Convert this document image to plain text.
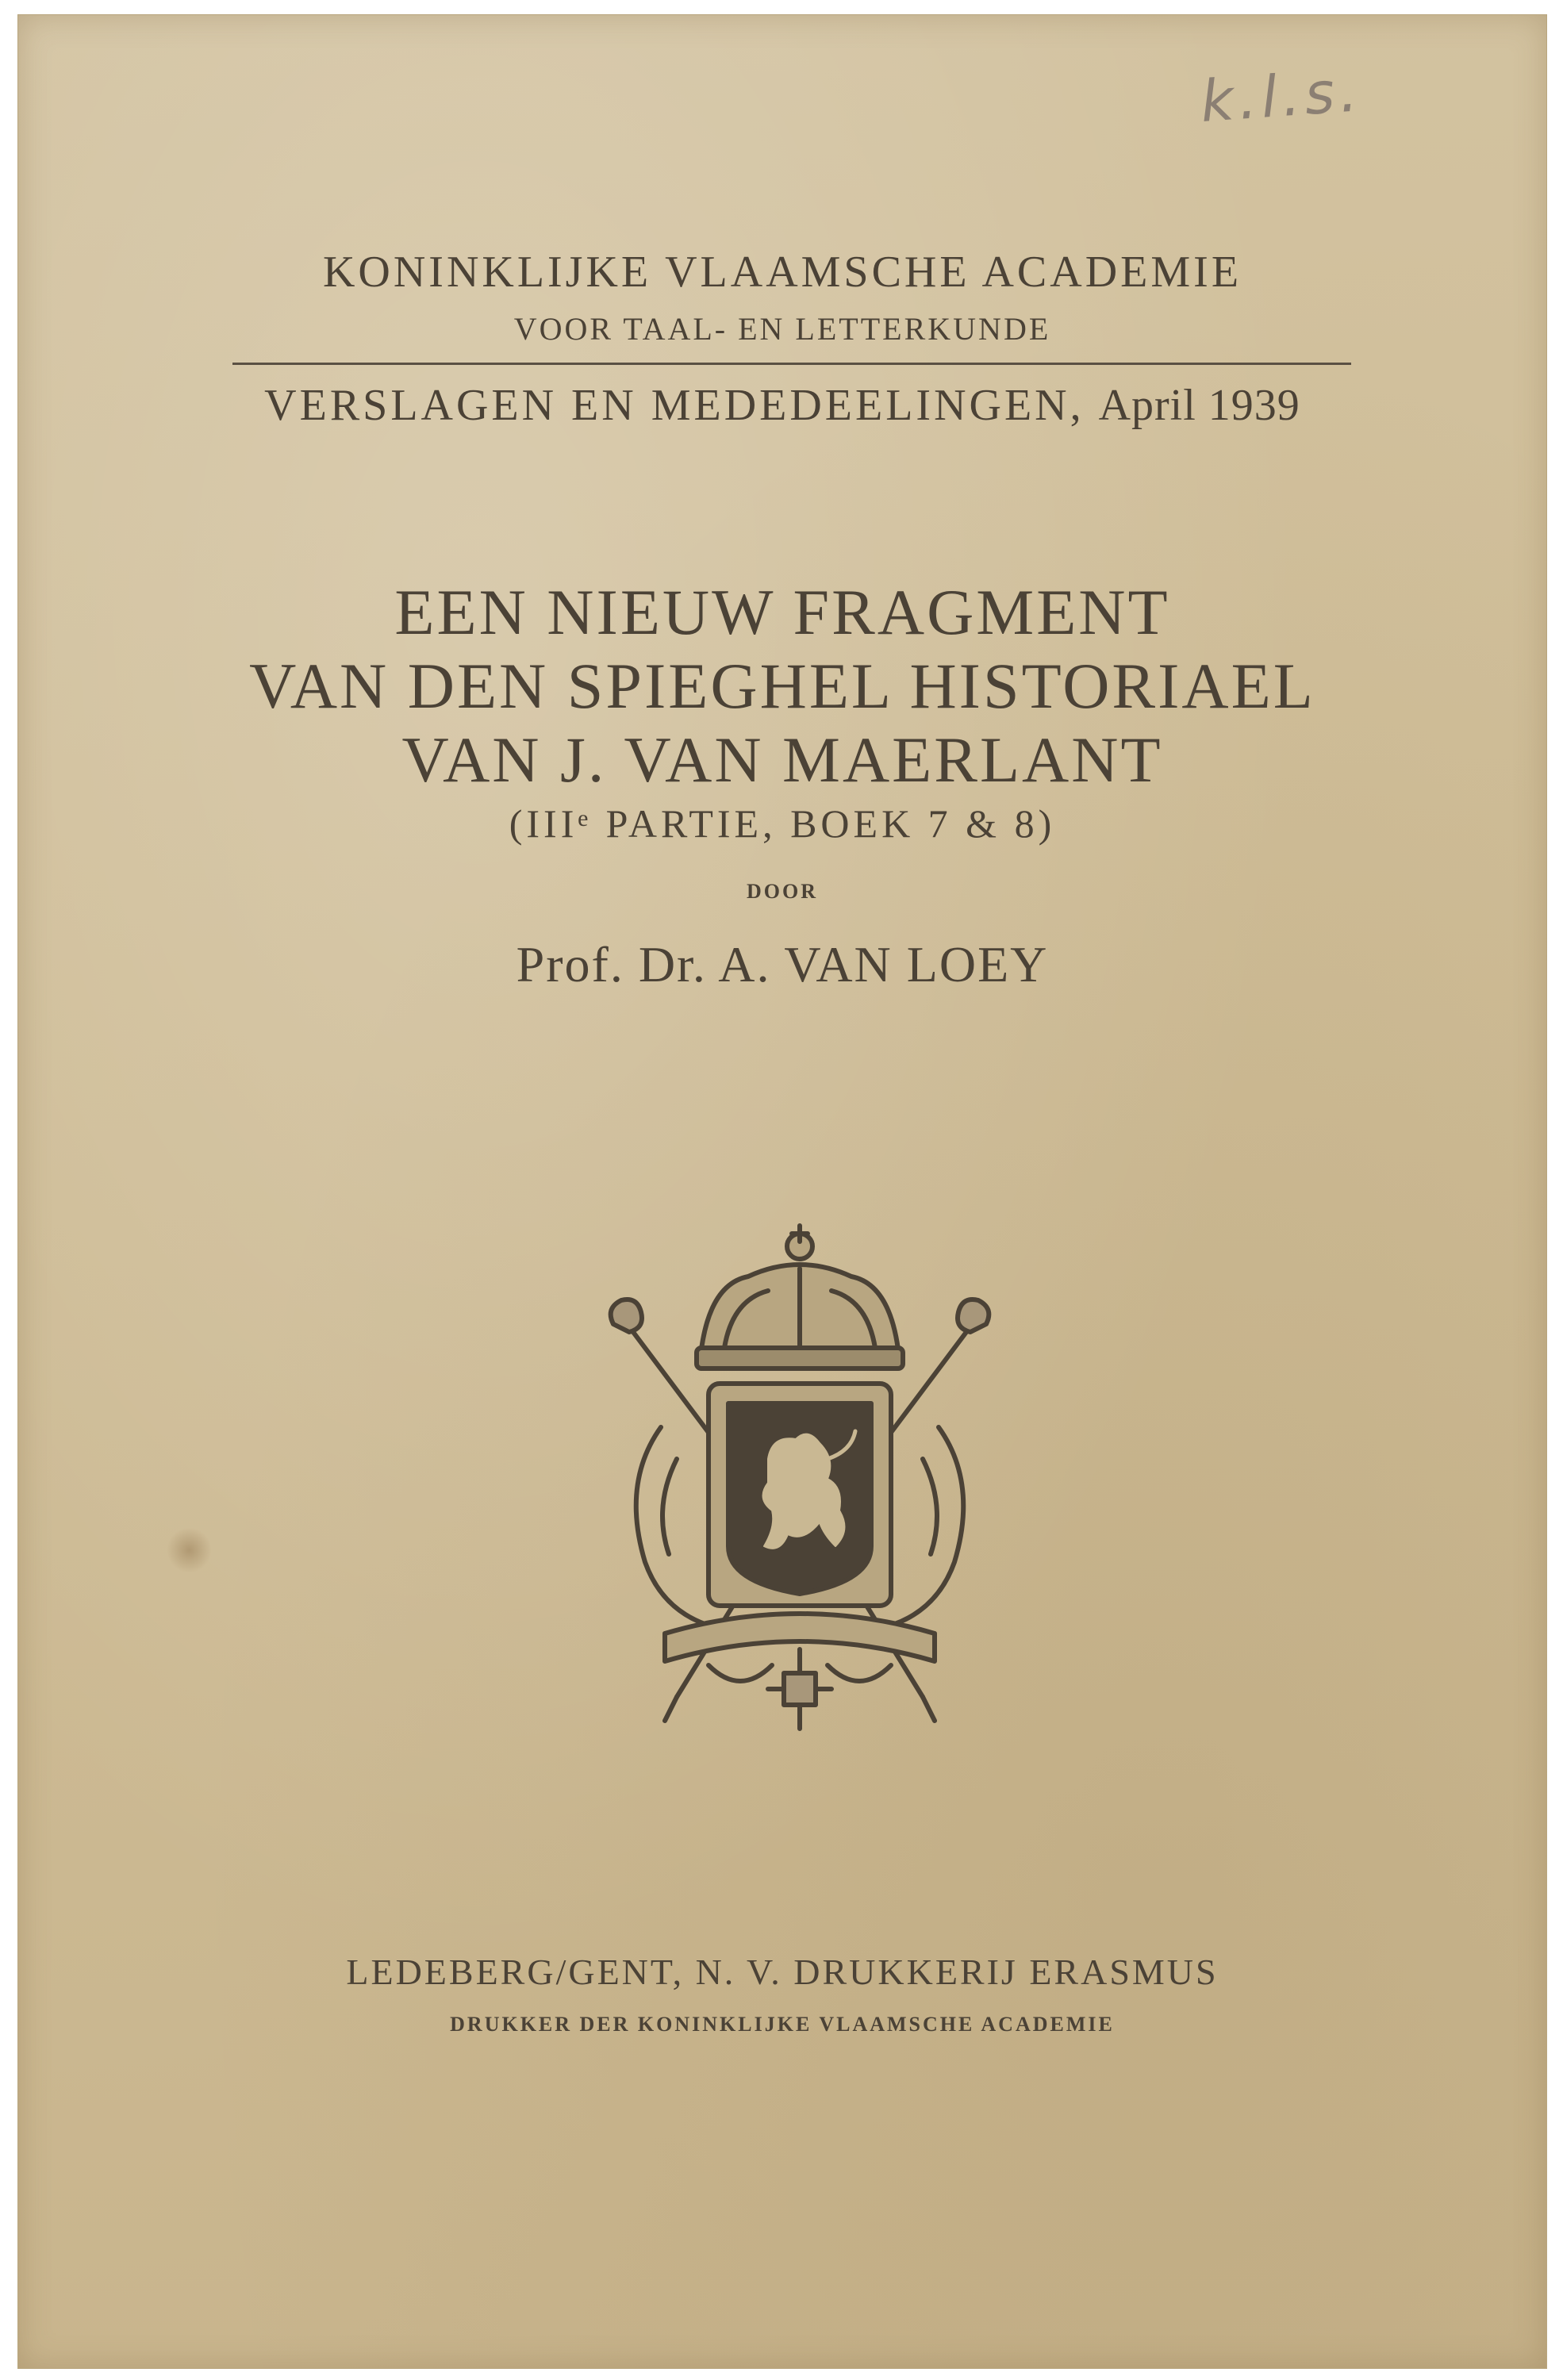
k.l.s.
KONINKLIJKE VLAAMSCHE ACADEMIE
VOOR TAAL- EN LETTERKUNDE
VERSLAGEN EN MEDEDEELINGEN, April 1939
EEN NIEUW FRAGMENT
VAN DEN SPIEGHEL HISTORIAEL
VAN J. VAN MAERLANT
(IIIᵉ PARTIE, BOEK 7 & 8)
DOOR
Prof. Dr. A. VAN LOEY
LEDEBERG/GENT, N. V. DRUKKERIJ ERASMUS
DRUKKER DER KONINKLIJKE VLAAMSCHE ACADEMIE
